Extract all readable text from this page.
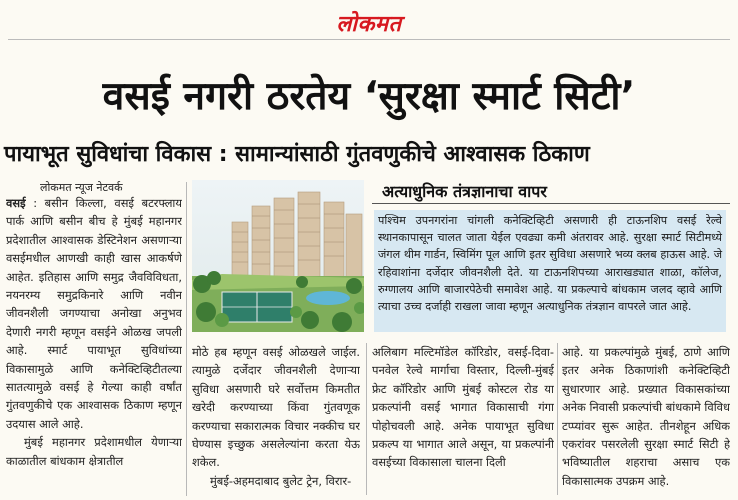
लोकमत
वसई नगरी ठरतेय ‘सुरक्षा स्मार्ट सिटी’
पायाभूत सुविधांचा विकास : सामान्यांसाठी गुंतवणुकीचे आश्वासक ठिकाण
लोकमत न्यूज नेटवर्क
वसई : बसीन किल्ला, वसई बटरफ्लाय पार्क आणि बसीन बीच हे मुंबई महानगर प्रदेशातील आश्वासक डेस्टिनेशन असणाऱ्या वसईमधील आणखी काही खास आकर्षणे आहेत. इतिहास आणि समुद्र जैवविविधता, नयनरम्य समुद्रकिनारे आणि नवीन जीवनशैली जगण्याचा अनोखा अनुभव देणारी नगरी म्हणून वसईने ओळख जपली आहे. स्मार्ट पायाभूत सुविधांच्या विकासामुळे आणि कनेक्टिव्हिटीतल्या सातत्यामुळे वसई हे गेल्या काही वर्षांत गुंतवणुकीचे एक आश्वासक ठिकाण म्हणून उदयास आले आहे.
मुंबई महानगर प्रदेशामधील येणाऱ्या काळातील बांधकाम क्षेत्रातील
अत्याधुनिक तंत्रज्ञानाचा वापर

पश्चिम उपनगरांना चांगली कनेक्टिव्हिटी असणारी ही टाऊनशिप वसई रेल्वे स्थानकापासून चालत जाता येईल एवढ्या कमी अंतरावर आहे. सुरक्षा स्मार्ट सिटीमध्ये जंगल थीम गार्डन, स्विमिंग पूल आणि इतर सुविधा असणारे भव्य क्लब हाऊस आहे. जे रहिवाशांना दर्जेदार जीवनशैली देते. या टाऊनशिपच्या आराखड्यात शाळा, कॉलेज, रुग्णालय आणि बाजारपेठेची समावेश आहे. या प्रकल्पाचे बांधकाम जलद व्हावे आणि त्याचा उच्च दर्जाही राखला जावा म्हणून अत्याधुनिक तंत्रज्ञान वापरले जात आहे.

मोठे हब म्हणून वसई ओळखले जाईल. त्यामुळे दर्जेदार जीवनशैली देणाऱ्या सुविधा असणारी घरे सर्वोत्तम किमतीत खरेदी करण्याच्या किंवा गुंतवणूक करण्याचा सकारात्मक विचार नक्कीच घर घेण्यास इच्छुक असलेल्यांना करता येऊ शकेल.
मुंबई-अहमदाबाद बुलेट ट्रेन, विरार-
अलिबाग मल्टिमॉडेल कॉरिडोर, वसई-दिवा-पनवेल रेल्वे मार्गाचा विस्तार, दिल्ली-मुंबई फ्रेट कॉरिडोर आणि मुंबई कोस्टल रोड या प्रकल्पांनी वसई भागात विकासाची गंगा पोहोचवली आहे. अनेक पायाभूत सुविधा प्रकल्प या भागात आले असून, या प्रकल्पांनी वसईच्या विकासाला चालना दिली
आहे. या प्रकल्पांमुळे मुंबई, ठाणे आणि इतर अनेक ठिकाणांशी कनेक्टिव्हिटी सुधारणार आहे. प्रख्यात विकासकांच्या अनेक निवासी प्रकल्पांची बांधकामे विविध टप्प्यांवर सुरू आहेत. तीनशेहून अधिक एकरांवर पसरलेली सुरक्षा स्मार्ट सिटी हे भविष्यातील शहराचा असाच एक विकासात्मक उपक्रम आहे.
